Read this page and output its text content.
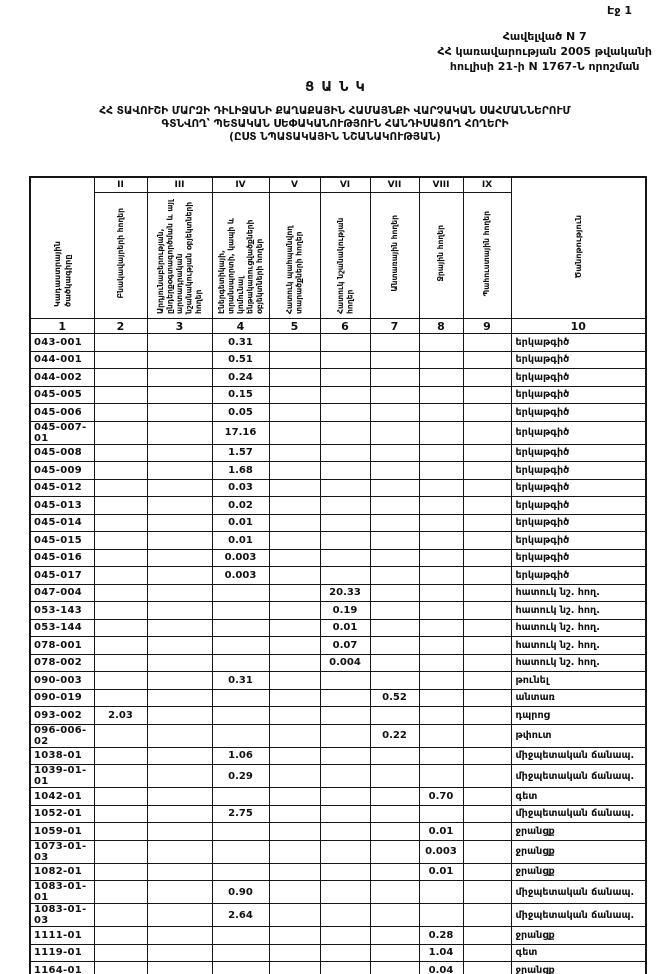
Էջ 1
Հավելված N 7
ՀՀ կառավարության 2005 թվականի
հուլիսի 21-ի N 1767-Ն որոշման
ՑԱՆԿ
ՀՀ ՏԱՎՈՒՇԻ ՄԱՐԶԻ ԴԻԼԻՋԱՆԻ ՔԱՂԱՔԱՅԻՆ ՀԱՄԱՅՆՔԻ ՎԱՐՉԱԿԱՆ ՍԱՀՄԱՆՆԵՐՈՒՄ
ԳՏՆՎՈՂ՝ ՊԵՏԱԿԱՆ ՍԵՓԱԿԱՆՈՒԹՅՈՒՆ ՀԱՆԴԻՍԱՑՈՂ ՀՈՂԵՐԻ
(ԸՍՏ ՆՊԱՏԱԿԱՅԻՆ ՆՇԱՆԱԿՈՒԹՅԱՆ)
Կադաստրային ծածկագիրը	II	III	IV	V	VI	VII	VIII	IX	Ծանոթություն
	Բնակավայրերի հողեր	Արդյունաբերության, ընդերքօգտագործման և այլ արտադրական նշանակության օբյեկտների հողեր	Էներգետիկայի, տրանսպորտի, կապի և կոմունալ ենթակառուցվածքների օբյեկտների հողեր	Հատուկ պահպանվող տարածքների հողեր	Հատուկ նշանակության հողեր	Անտառային հողեր	Ջրային հողեր	Պահուստային հողեր	
1	2	3	4	5	6	7	8	9	10
043-001			0.31						երկաթգիծ
044-001			0.51						երկաթգիծ
044-002			0.24						երկաթգիծ
045-005			0.15						երկաթգիծ
045-006			0.05						երկաթգիծ
045-007-01			17.16						երկաթգիծ
045-008			1.57						երկաթգիծ
045-009			1.68						երկաթգիծ
045-012			0.03						երկաթգիծ
045-013			0.02						երկաթգիծ
045-014			0.01						երկաթգիծ
045-015			0.01						երկաթգիծ
045-016			0.003						երկաթգիծ
045-017			0.003						երկաթգիծ
047-004					20.33				հատուկ նշ. հող.
053-143					0.19				հատուկ նշ. հող.
053-144					0.01				հատուկ նշ. հող.
078-001					0.07				հատուկ նշ. հող.
078-002					0.004				հատուկ նշ. հող.
090-003			0.31						թունել
090-019						0.52			անտառ
093-002	2.03								դպրոց
096-006-02						0.22			թփուտ
1038-01			1.06						միջպետական ճանապ.
1039-01-01			0.29						միջպետական ճանապ.
1042-01							0.70		գետ
1052-01			2.75						միջպետական ճանապ.
1059-01							0.01		ջրանցք
1073-01-03							0.003		ջրանցք
1082-01							0.01		ջրանցք
1083-01-01			0.90						միջպետական ճանապ.
1083-01-03			2.64						միջպետական ճանապ.
1111-01							0.28		ջրանցք
1119-01							1.04		գետ
1164-01							0.04		ջրանցք
